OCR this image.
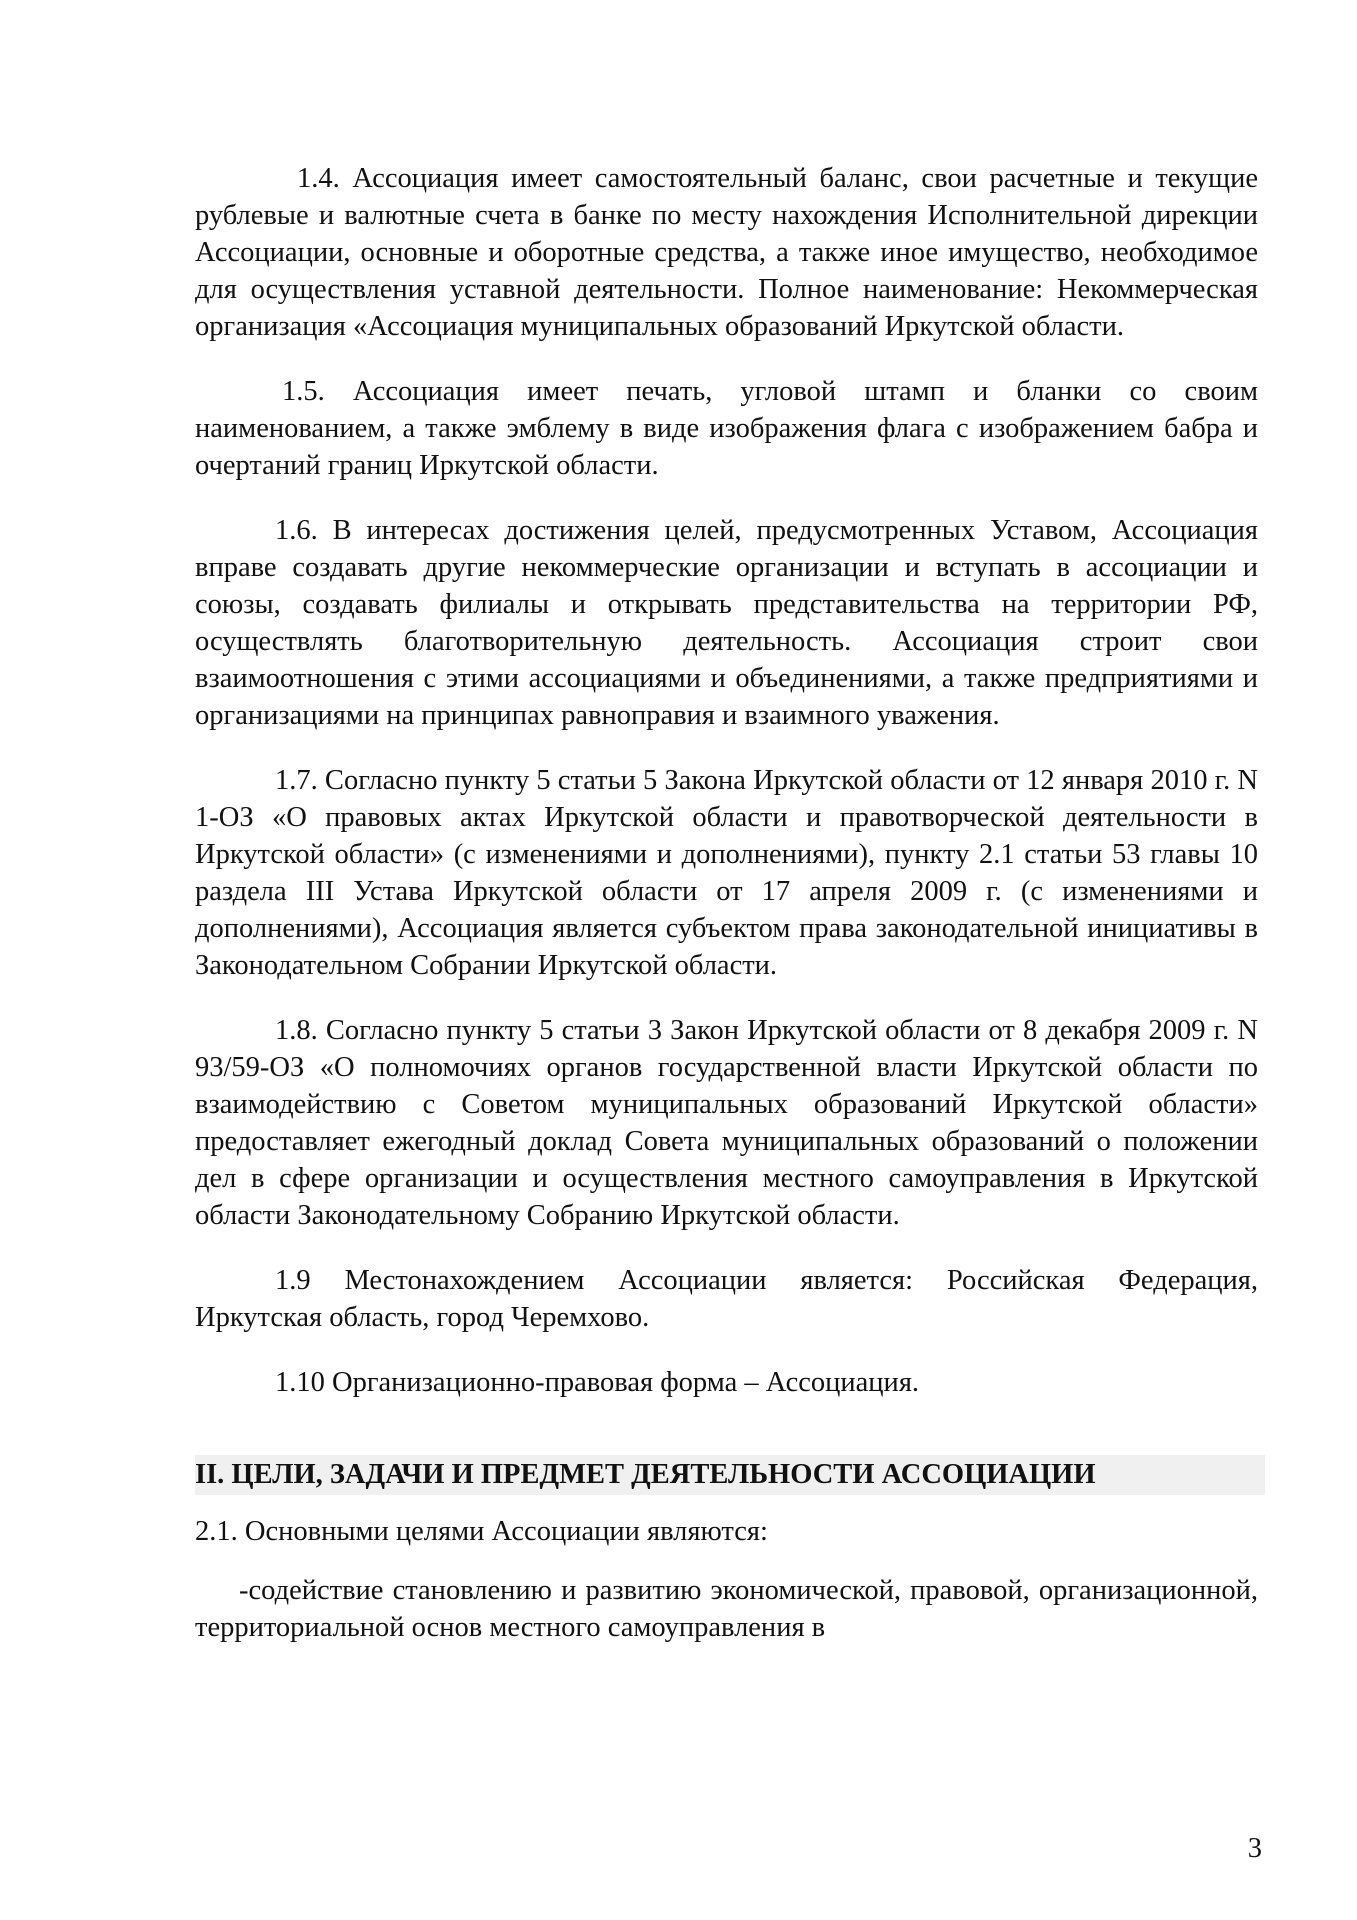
1.4. Ассоциация имеет самостоятельный баланс, свои расчетные и текущие рублевые и валютные счета в банке по месту нахождения Исполнительной дирекции Ассоциации, основные и оборотные средства, а также иное имущество, необходимое для осуществления уставной деятельности. Полное наименование: Некоммерческая организация «Ассоциация муниципальных образований Иркутской области.

1.5. Ассоциация имеет печать, угловой штамп и бланки со своим наименованием, а также эмблему в виде изображения флага с изображением бабра и очертаний границ Иркутской области.

1.6. В интересах достижения целей, предусмотренных Уставом, Ассоциация вправе создавать другие некоммерческие организации и вступать в ассоциации и союзы, создавать филиалы и открывать представительства на территории РФ, осуществлять благотворительную деятельность. Ассоциация строит свои взаимоотношения с этими ассоциациями и объединениями, а также предприятиями и организациями на принципах равноправия и взаимного уважения.

1.7. Согласно пункту 5 статьи 5 Закона Иркутской области от 12 января 2010 г. N 1-ОЗ «О правовых актах Иркутской области и правотворческой деятельности в Иркутской области» (с изменениями и дополнениями), пункту 2.1 статьи 53 главы 10 раздела III Устава Иркутской области от 17 апреля 2009 г. (с изменениями и дополнениями), Ассоциация является субъектом права законодательной инициативы в Законодательном Собрании Иркутской области.

1.8. Согласно пункту 5 статьи 3 Закон Иркутской области от 8 декабря 2009 г. N 93/59-ОЗ «О полномочиях органов государственной власти Иркутской области по взаимодействию с Советом муниципальных образований Иркутской области» предоставляет ежегодный доклад Совета муниципальных образований о положении дел в сфере организации и осуществления местного самоуправления в Иркутской области Законодательному Собранию Иркутской области.

1.9 Местонахождением Ассоциации является: Российская Федерация, Иркутская область, город Черемхово.

1.10 Организационно-правовая форма – Ассоциация.

II. ЦЕЛИ, ЗАДАЧИ И ПРЕДМЕТ ДЕЯТЕЛЬНОСТИ АССОЦИАЦИИ

2.1. Основными целями Ассоциации являются:

-содействие становлению и развитию экономической, правовой, организационной, территориальной основ местного самоуправления в

3
